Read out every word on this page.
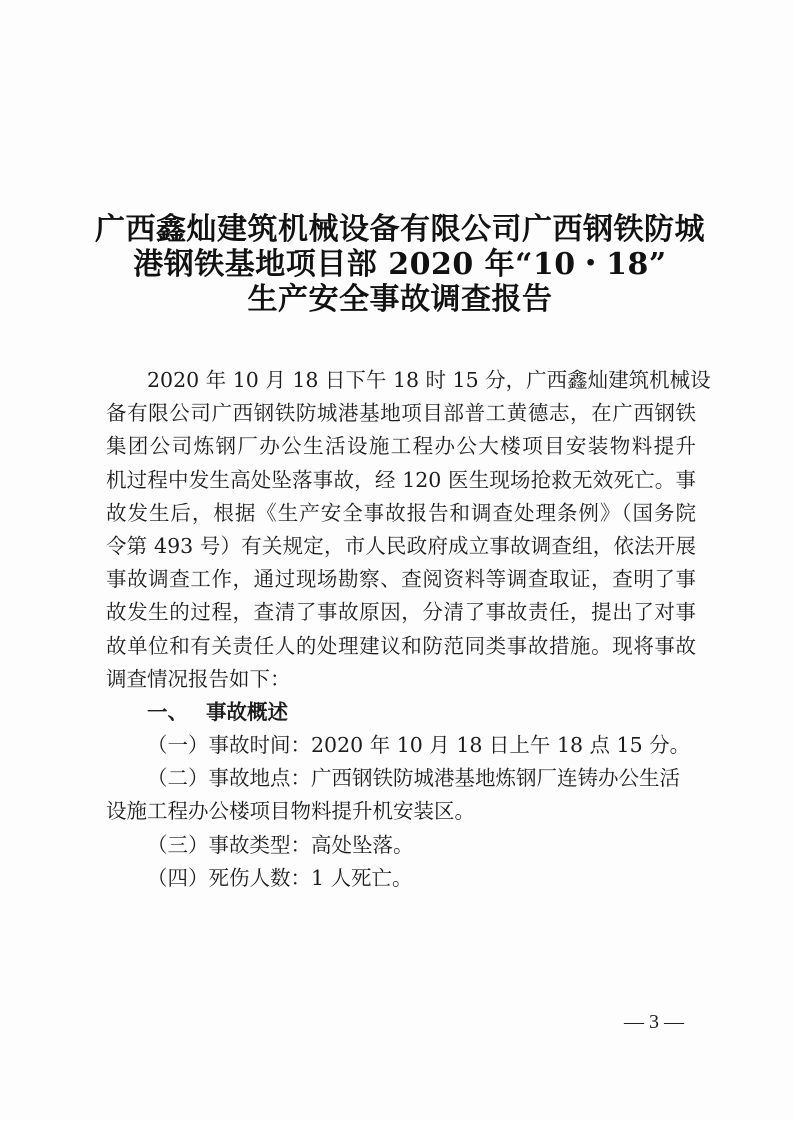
广西鑫灿建筑机械设备有限公司广西钢铁防城
港钢铁基地项目部 2020 年“10・18”
生产安全事故调查报告
2020 年 10 月 18 日下午 18 时 15 分，广西鑫灿建筑机械设
备有限公司广西钢铁防城港基地项目部普工黄德志，在广西钢铁
集团公司炼钢厂办公生活设施工程办公大楼项目安装物料提升
机过程中发生高处坠落事故，经 120 医生现场抢救无效死亡。事
故发生后，根据《生产安全事故报告和调查处理条例》（国务院
令第 493 号）有关规定，市人民政府成立事故调查组，依法开展
事故调查工作，通过现场勘察、查阅资料等调查取证，查明了事
故发生的过程，查清了事故原因，分清了事故责任，提出了对事
故单位和有关责任人的处理建议和防范同类事故措施。现将事故
调查情况报告如下：
一、 事故概述
（一）事故时间：2020 年 10 月 18 日上午 18 点 15 分。
（二）事故地点：广西钢铁防城港基地炼钢厂连铸办公生活
设施工程办公楼项目物料提升机安装区。
（三）事故类型：高处坠落。
（四）死伤人数：1 人死亡。
— 3 —
